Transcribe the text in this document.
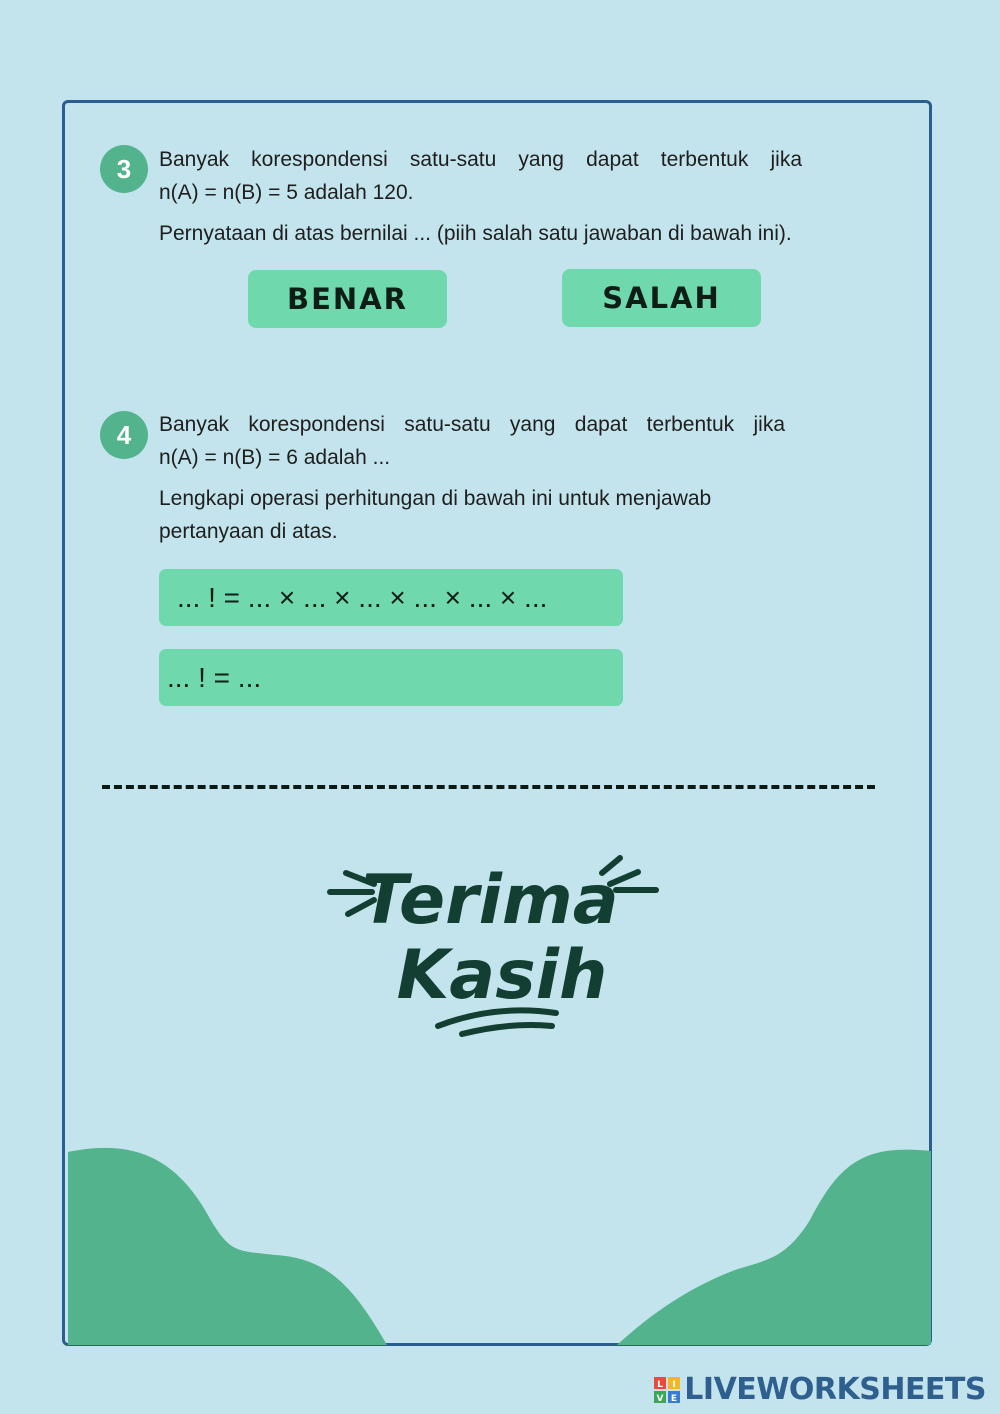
3	Banyak korespondensi satu-satu yang dapat terbentuk jika
n(A) = n(B) = 5 adalah 120.

Pernyataan di atas bernilai ... (piih salah satu jawaban di bawah ini).

BENAR	SALAH
4	Banyak korespondensi satu-satu yang dapat terbentuk jika
n(A) = n(B) = 6 adalah ...

Lengkapi operasi perhitungan di bawah ini untuk menjawab
pertanyaan di atas.

... ! = ... × ... × ... × ... × ... × ...
... ! = ...
Terima
Kasih
L I
V E LIVEWORKSHEETS
